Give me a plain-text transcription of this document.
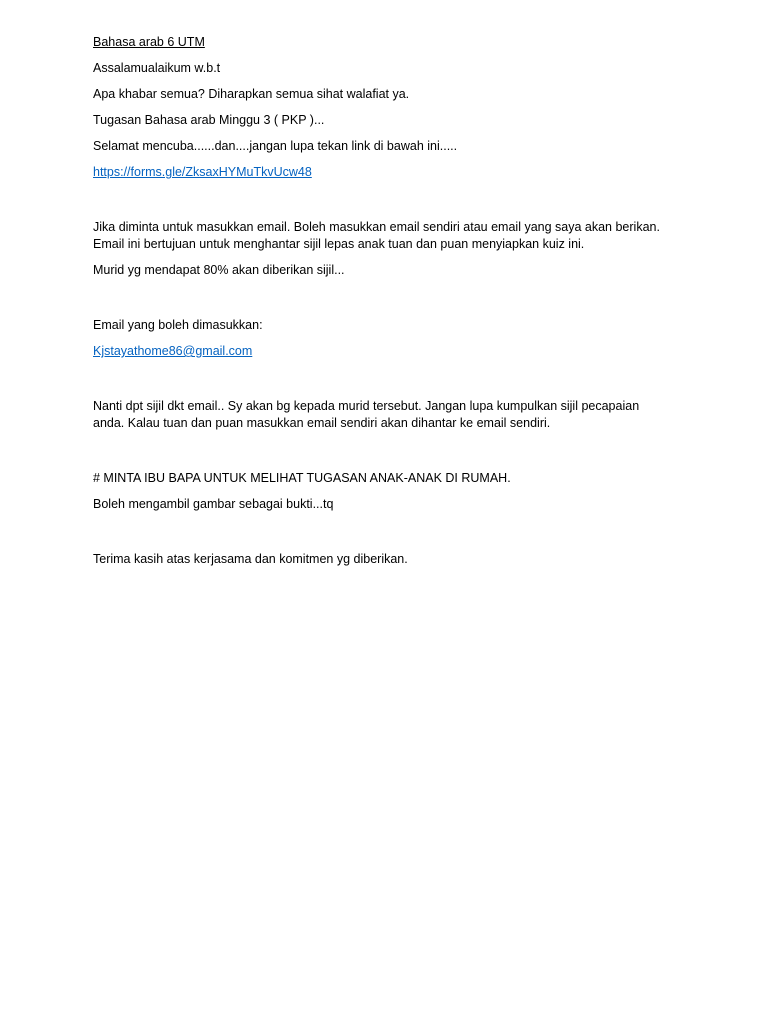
Bahasa arab 6 UTM

Assalamualaikum w.b.t

Apa khabar semua? Diharapkan semua sihat walafiat ya.

Tugasan Bahasa arab Minggu 3 ( PKP )...

Selamat mencuba......dan....jangan lupa tekan link di bawah ini.....

https://forms.gle/ZksaxHYMuTkvUcw48

Jika diminta untuk masukkan email. Boleh masukkan email sendiri atau email yang saya akan berikan. Email ini bertujuan untuk menghantar sijil lepas anak tuan dan puan menyiapkan kuiz ini.

Murid yg mendapat 80% akan diberikan sijil...

Email yang boleh dimasukkan:

Kjstayathome86@gmail.com

Nanti dpt sijil dkt email.. Sy akan bg kepada murid tersebut. Jangan lupa kumpulkan sijil pecapaian anda. Kalau tuan dan puan masukkan email sendiri akan dihantar ke email sendiri.

# MINTA IBU BAPA UNTUK MELIHAT TUGASAN ANAK-ANAK DI RUMAH.

Boleh mengambil gambar sebagai bukti...tq

Terima kasih atas kerjasama dan komitmen yg diberikan.
